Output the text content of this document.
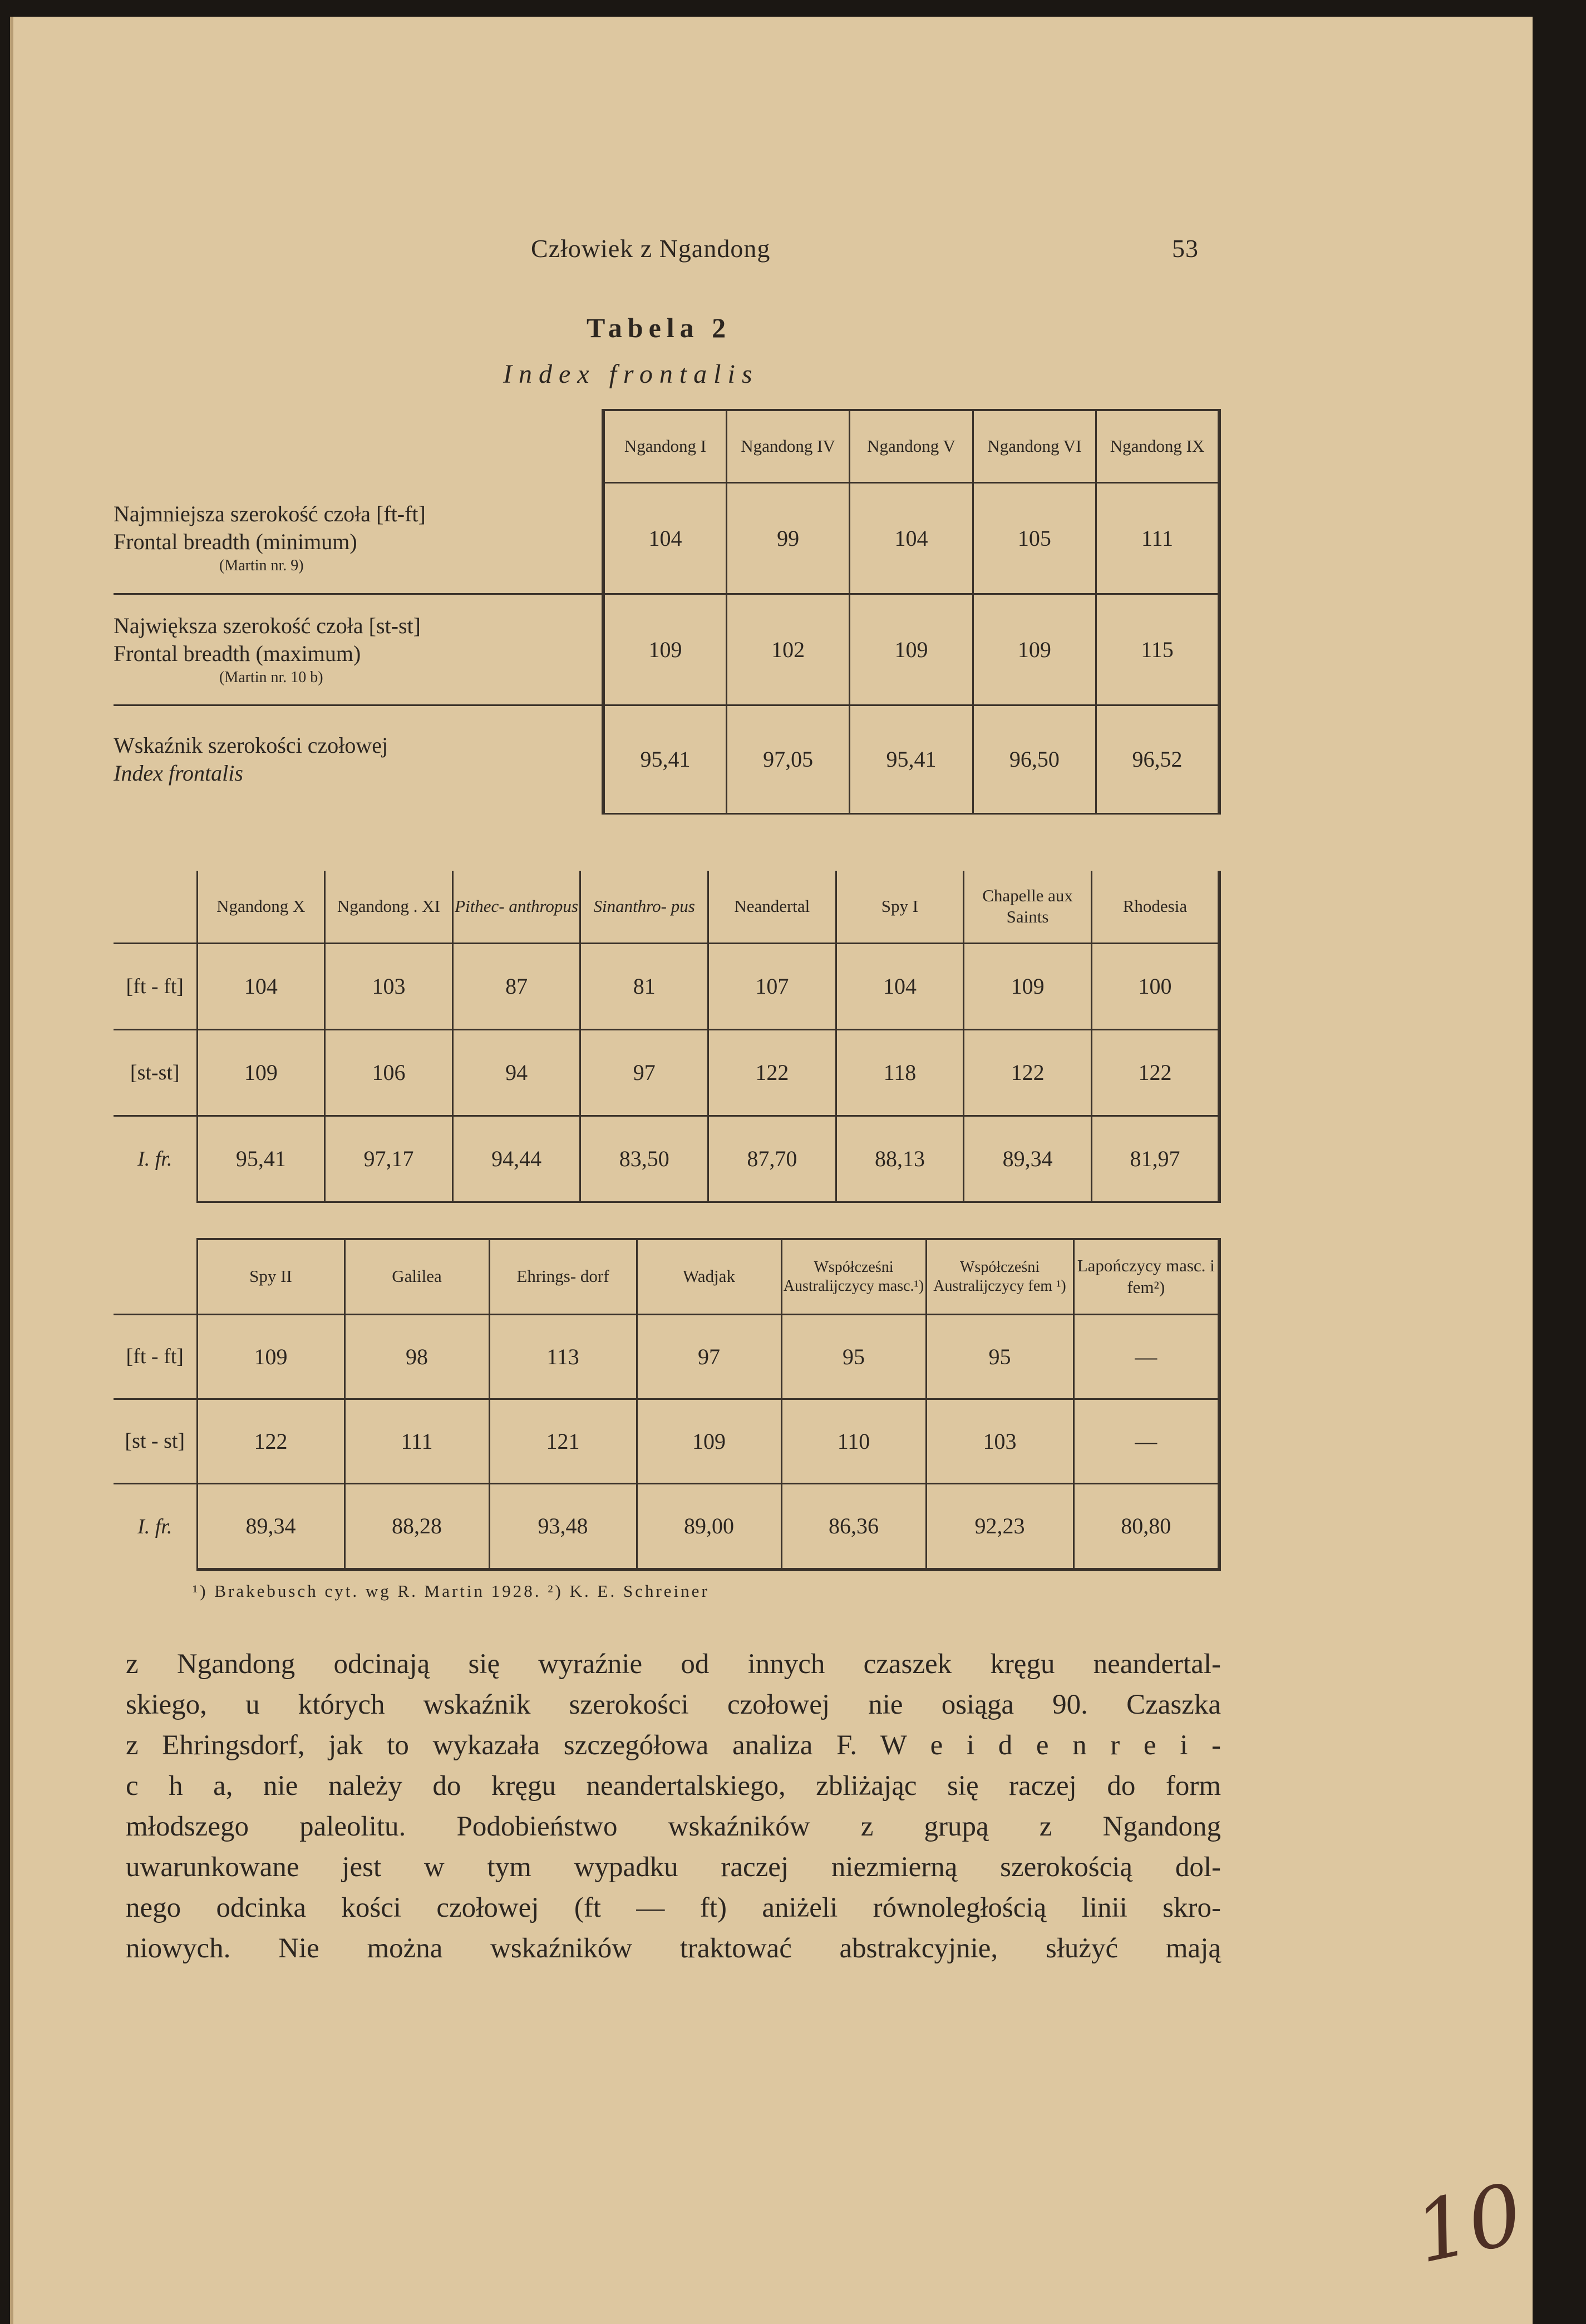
Człowiek z Ngandong	53
Tabela 2
Index frontalis
	Ngandong I	Ngandong IV	Ngandong V	Ngandong VI	Ngandong IX

Najmniejsza szerokość czoła [ft-ft]
Frontal breadth (minimum)
(Martin nr. 9)	104	99	104	105	111

Największa szerokość czoła [st-st]
Frontal breadth (maximum)
(Martin nr. 10 b)	109	102	109	109	115

Wskaźnik szerokości czołowej
Index frontalis	95,41	97,05	95,41	96,50	96,52
	Ngandong X	Ngandong . XI	Pithec- anthropus	Sinanthro- pus	Neandertal	Spy I	Chapelle aux Saints	Rhodesia
[ft - ft]	104	103	87	81	107	104	109	100
[st-st]	109	106	94	97	122	118	122	122
I. fr.	95,41	97,17	94,44	83,50	87,70	88,13	89,34	81,97
	Spy II	Galilea	Ehrings- dorf	Wadjak	Współcześni Australijczycy masc.¹)	Współcześni Australijczycy fem ¹)	Lapończycy masc. i fem²)
[ft - ft]	109	98	113	97	95	95	—
[st - st]	122	111	121	109	110	103	—
I. fr.	89,34	88,28	93,48	89,00	86,36	92,23	80,80
¹) Brakebusch cyt. wg R. Martin 1928. ²) K. E. Schreiner
z Ngandong odcinają się wyraźnie od innych czaszek kręgu neandertal-
skiego, u których wskaźnik szerokości czołowej nie osiąga 90. Czaszka
z Ehringsdorf, jak to wykazała szczegółowa analiza F. W e i d e n r e i -
c h a, nie należy do kręgu neandertalskiego, zbliżając się raczej do form
młodszego paleolitu. Podobieństwo wskaźników z grupą z Ngandong
uwarunkowane jest w tym wypadku raczej niezmierną szerokością dol-
nego odcinka kości czołowej (ft — ft) aniżeli równoległością linii skro-
niowych. Nie można wskaźników traktować abstrakcyjnie, służyć mają
10
